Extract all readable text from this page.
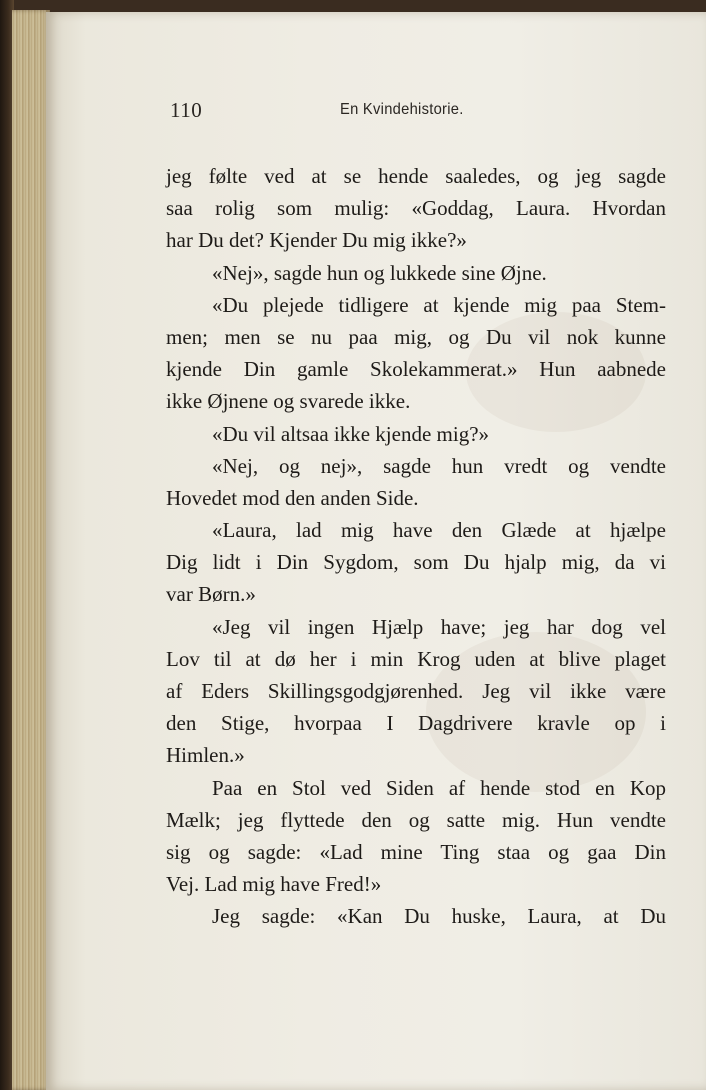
110	En Kvindehistorie.
jeg følte ved at se hende saaledes, og jeg sagde
saa rolig som mulig: «Goddag, Laura. Hvordan
har Du det? Kjender Du mig ikke?»
«Nej», sagde hun og lukkede sine Øjne.
«Du plejede tidligere at kjende mig paa Stem-
men; men se nu paa mig, og Du vil nok kunne
kjende Din gamle Skolekammerat.» Hun aabnede
ikke Øjnene og svarede ikke.
«Du vil altsaa ikke kjende mig?»
«Nej, og nej», sagde hun vredt og vendte
Hovedet mod den anden Side.
«Laura, lad mig have den Glæde at hjælpe
Dig lidt i Din Sygdom, som Du hjalp mig, da vi
var Børn.»
«Jeg vil ingen Hjælp have; jeg har dog vel
Lov til at dø her i min Krog uden at blive plaget
af Eders Skillingsgodgjørenhed. Jeg vil ikke være
den Stige, hvorpaa I Dagdrivere kravle op i
Himlen.»
Paa en Stol ved Siden af hende stod en Kop
Mælk; jeg flyttede den og satte mig. Hun vendte
sig og sagde: «Lad mine Ting staa og gaa Din
Vej. Lad mig have Fred!»
Jeg sagde: «Kan Du huske, Laura, at Du
